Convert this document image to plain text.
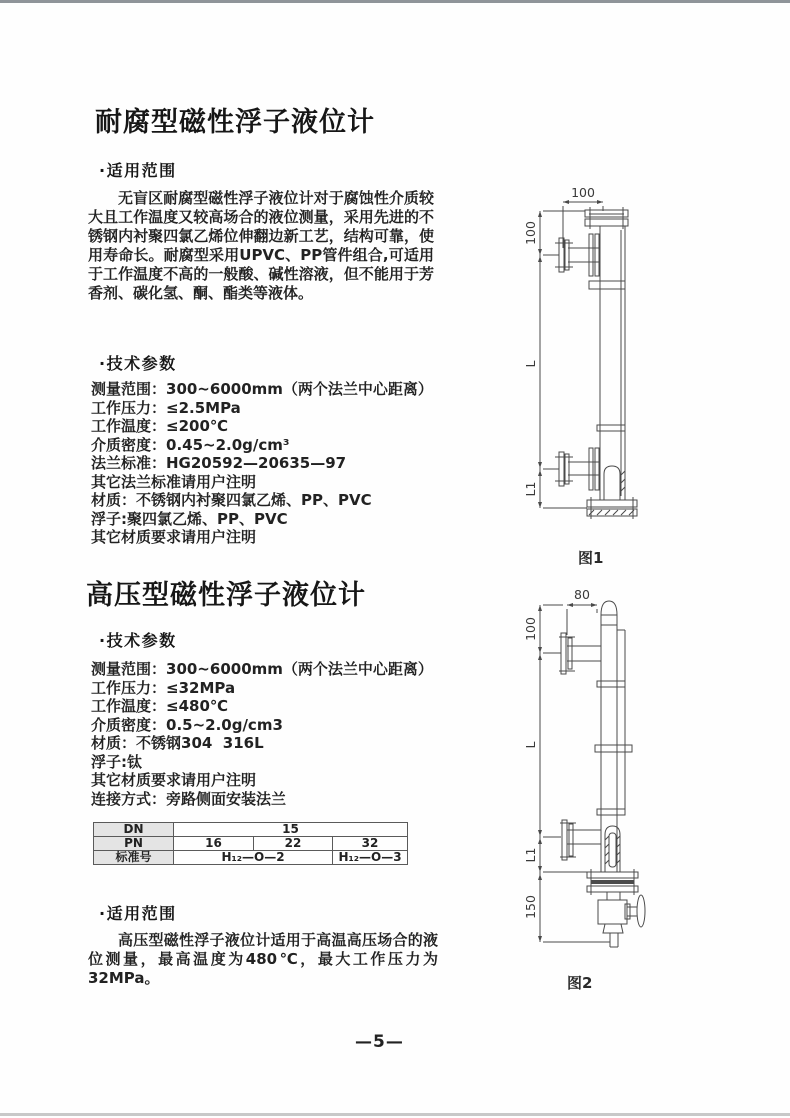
耐腐型磁性浮子液位计
·适用范围
无盲区耐腐型磁性浮子液位计对于腐蚀性介质较大且工作温度又较高场合的液位测量，采用先进的不锈钢内衬聚四氯乙烯位伸翻边新工艺，结构可靠，使用寿命长。耐腐型采用UPVC、PP管件组合,可适用于工作温度不高的一般酸、碱性溶液，但不能用于芳香剂、碳化氢、酮、酯类等液体。
·技术参数
测量范围：300~6000mm（两个法兰中心距离）
工作压力：≤2.5MPa
工作温度：≤200℃
介质密度：0.45~2.0g/cm³
法兰标准：HG20592—20635—97
其它法兰标准请用户注明
材质：不锈钢内衬聚四氯乙烯、PP、PVC
浮子:聚四氯乙烯、PP、PVC
其它材质要求请用户注明
高压型磁性浮子液位计
·技术参数
测量范围：300~6000mm（两个法兰中心距离）
工作压力：≤32MPa
工作温度：≤480℃
介质密度：0.5~2.0g/cm3
材质：不锈钢304  316L
浮子:钛
其它材质要求请用户注明
连接方式：旁路侧面安装法兰
DN	15		
PN	16	22	32
标准号	H₁₂—O—2		H₁₂—O—3
·适用范围
高压型磁性浮子液位计适用于高温高压场合的液位测量，最高温度为480℃，最大工作压力为32MPa。
—5—
100
100
L
L1
图1
80
100
L
L1
150
图2
